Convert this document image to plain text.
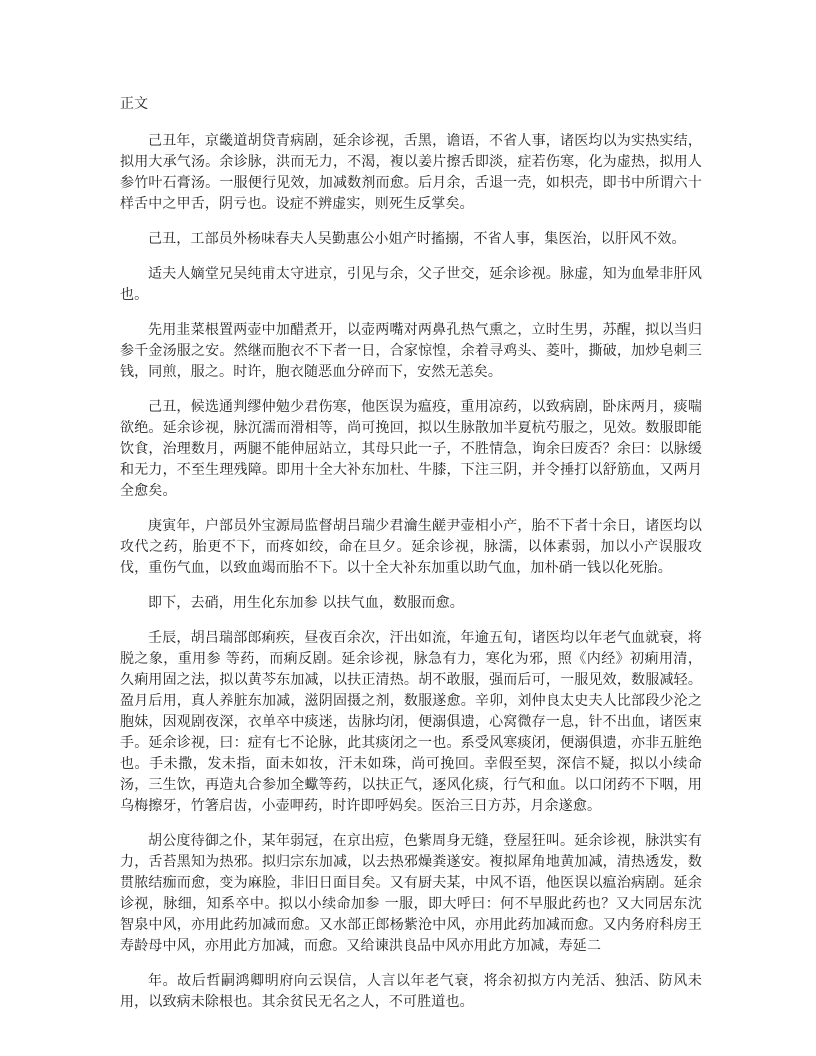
正文

己丑年，京畿道胡贷青病剧，延余诊视，舌黑，谵语，不省人事，诸医均以为实热实结，拟用大承气汤。余诊脉，洪而无力，不渴，複以姜片擦舌即淡，症若伤寒，化为虚热，拟用人参竹叶石膏汤。一服便行见效，加减数剂而愈。后月余，舌退一壳，如枳壳，即书中所谓六十样舌中之甲舌，阴亏也。设症不辨虚实，则死生反掌矣。

己丑，工部员外杨味春夫人吴勤惠公小姐产时搐搦，不省人事，集医治，以肝风不效。

适夫人嫡堂兄吴纯甫太守进京，引见与余，父子世交，延余诊视。脉虚，知为血晕非肝风也。

先用韭菜根置两壶中加醋煮开，以壶两嘴对两鼻孔热气熏之，立时生男，苏醒，拟以当归参千金汤服之安。然继而胞衣不下者一日，合家惊惶，余着寻鸡头、菱叶，撕破，加炒皂刺三钱，同煎，服之。时许，胞衣随恶血分碎而下，安然无恙矣。

己丑，候选通判缪仲勉少君伤寒，他医误为瘟疫，重用凉药，以致病剧，卧床两月，痰喘欲绝。延余诊视，脉沉濡而滑相等，尚可挽回，拟以生脉散加半夏杭芍服之，见效。数服即能饮食，治理数月，两腿不能伸屈站立，其母只此一子，不胜情急，询余曰废否？余曰：以脉缓和无力，不至生理残障。即用十全大补东加杜、牛膝，下注三阴，并令捶打以舒筋血，又两月全愈矣。

庚寅年，户部员外宝源局监督胡吕瑞少君瀹生鹾尹壶相小产，胎不下者十余日，诸医均以攻代之药，胎更不下，而疼如绞，命在旦夕。延余诊视，脉濡，以体素弱，加以小产误服攻伐，重伤气血，以致血竭而胎不下。以十全大补东加重以助气血，加朴硝一钱以化死胎。

即下，去硝，用生化东加参 以扶气血，数服而愈。

壬辰，胡吕瑞部郎痢疾，昼夜百余次，汗出如流，年逾五旬，诸医均以年老气血就衰，将脱之象，重用参 等药，而痢反剧。延余诊视，脉急有力，寒化为邪，照《内经》初痢用清，久痢用固之法，拟以黄芩东加减，以扶正清热。胡不敢服，强而后可，一服见效，数服减轻。盈月后用，真人养脏东加减，滋阴固摄之剂，数服遂愈。辛卯，刘仲良太史夫人比部段少沦之胞妹，因观剧夜深，衣单卒中痰迷，齿脉均闭，便溺俱遗，心窝微存一息，针不出血，诸医束手。延余诊视，曰：症有七不论脉，此其痰闭之一也。系受风寒痰闭，便溺俱遗，亦非五脏绝也。手未撒，发未指，面未如妆，汗未如珠，尚可挽回。幸假至契，深信不疑，拟以小续命汤，三生饮，再造丸合参加全蠍等药，以扶正气，逐风化痰，行气和血。以口闭药不下咽，用乌梅擦牙，竹箸启齿，小壶呷药，时许即呼妈矣。医治三日方苏，月余遂愈。

胡公度待御之仆，某年弱冠，在京出痘，色紫周身无缝，登屋狂叫。延余诊视，脉洪实有力，舌苔黑知为热邪。拟归宗东加减，以去热邪燥粪遂安。複拟犀角地黄加减，清热透发，数贯脓结痂而愈，变为麻脸，非旧日面目矣。又有厨夫某，中风不语，他医误以瘟治病剧。延余诊视，脉细，知系卒中。拟以小续命加参 一服，即大呼曰：何不早服此药也？又大同居东沈智泉中风，亦用此药加减而愈。又水部正郎杨紫沧中风，亦用此药加减而愈。又内务府科房王寿龄母中风，亦用此方加减，而愈。又给谏洪良品中风亦用此方加减，寿延二

年。故后哲嗣鸿卿明府向云误信，人言以年老气衰，将余初拟方内羌活、独活、防风未用，以致病未除根也。其余贫民无名之人，不可胜道也。
